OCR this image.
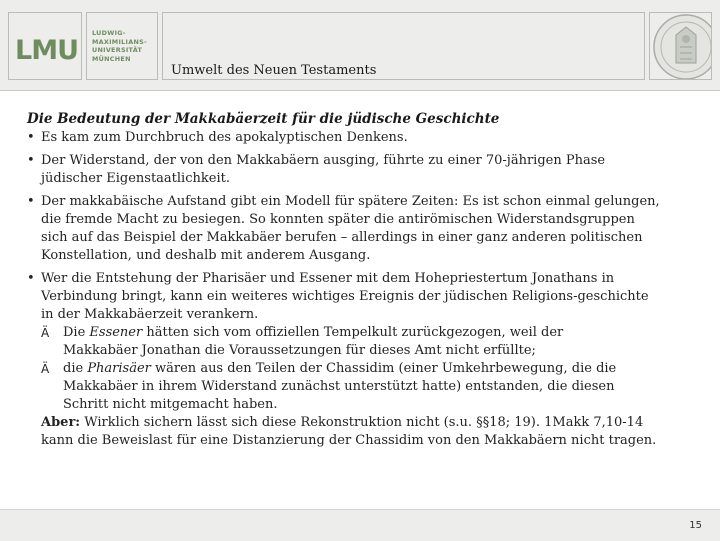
LMU
LUDWIG-
MAXIMILIANS-
UNIVERSITÄT
MÜNCHEN
Umwelt des Neuen Testaments
Die Bedeutung der Makkabäerzeit für die jüdische Geschichte
• Es kam zum Durchbruch des apokalyptischen Denkens.
• Der Widerstand, der von den Makkabäern ausging, führte zu einer 70-jährigen Phase
jüdischer Eigenstaatlichkeit.
• Der makkabäische Aufstand gibt ein Modell für spätere Zeiten: Es ist schon einmal gelungen,
die fremde Macht zu besiegen. So konnten später die antirömischen Widerstandsgruppen
sich auf das Beispiel der Makkabäer berufen – allerdings in einer ganz anderen politischen
Konstellation, und deshalb mit anderem Ausgang.
• Wer die Entstehung der Pharisäer und Essener mit dem Hohepriestertum Jonathans in
Verbindung bringt, kann ein weiteres wichtiges Ereignis der jüdischen Religions-geschichte
in der Makkabäerzeit verankern.
Ä Die Essener hätten sich vom offiziellen Tempelkult zurückgezogen, weil der
Makkabäer Jonathan die Voraussetzungen für dieses Amt nicht erfüllte;
Ä die Pharisäer wären aus den Teilen der Chassidim (einer Umkehrbewegung, die die
Makkabäer in ihrem Widerstand zunächst unterstützt hatte) entstanden, die diesen
Schritt nicht mitgemacht haben.
Aber: Wirklich sichern lässt sich diese Rekonstruktion nicht (s.u. §§18; 19). 1Makk 7,10-14
kann die Beweislast für eine Distanzierung der Chassidim von den Makkabäern nicht tragen.
15
